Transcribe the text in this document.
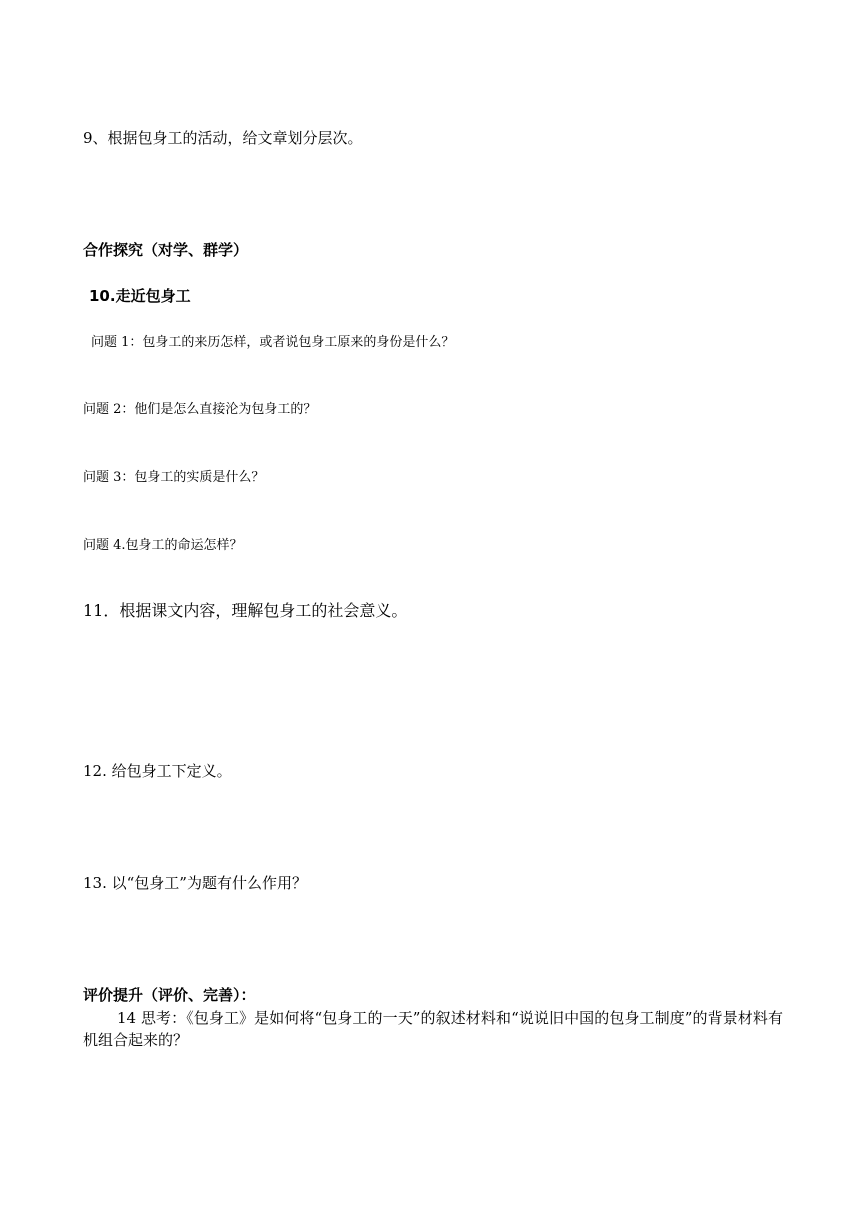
9、根据包身工的活动，给文章划分层次。
合作探究（对学、群学）
10.走近包身工
问题 1：包身工的来历怎样，或者说包身工原来的身份是什么？
问题 2：他们是怎么直接沦为包身工的？
问题 3：包身工的实质是什么？
问题 4.包身工的命运怎样？
11．根据课文内容，理解包身工的社会意义。
12. 给包身工下定义。
13. 以“包身工”为题有什么作用？
评价提升（评价、完善）：
14 思考：《包身工》是如何将“包身工的一天”的叙述材料和“说说旧中国的包身工制度”的背景材料有机组合起来的？
